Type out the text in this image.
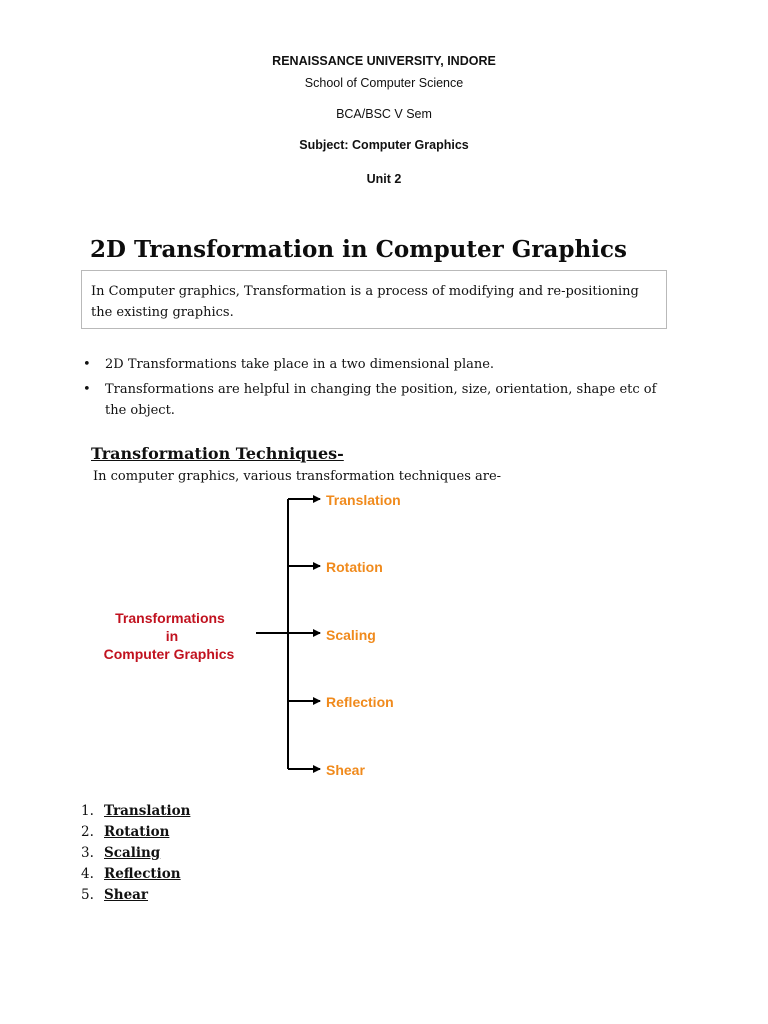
RENAISSANCE UNIVERSITY, INDORE
School of Computer Science
BCA/BSC V Sem
Subject: Computer Graphics
Unit 2
2D Transformation in Computer Graphics
In Computer graphics, Transformation is a process of modifying and re-positioning the existing graphics.
• 2D Transformations take place in a two dimensional plane.
• Transformations are helpful in changing the position, size, orientation, shape etc of the object.
Transformation Techniques-
In computer graphics, various transformation techniques are-
Transformations
in
Computer Graphics
Translation
Rotation
Scaling
Reflection
Shear
1. Translation
2. Rotation
3. Scaling
4. Reflection
5. Shear
